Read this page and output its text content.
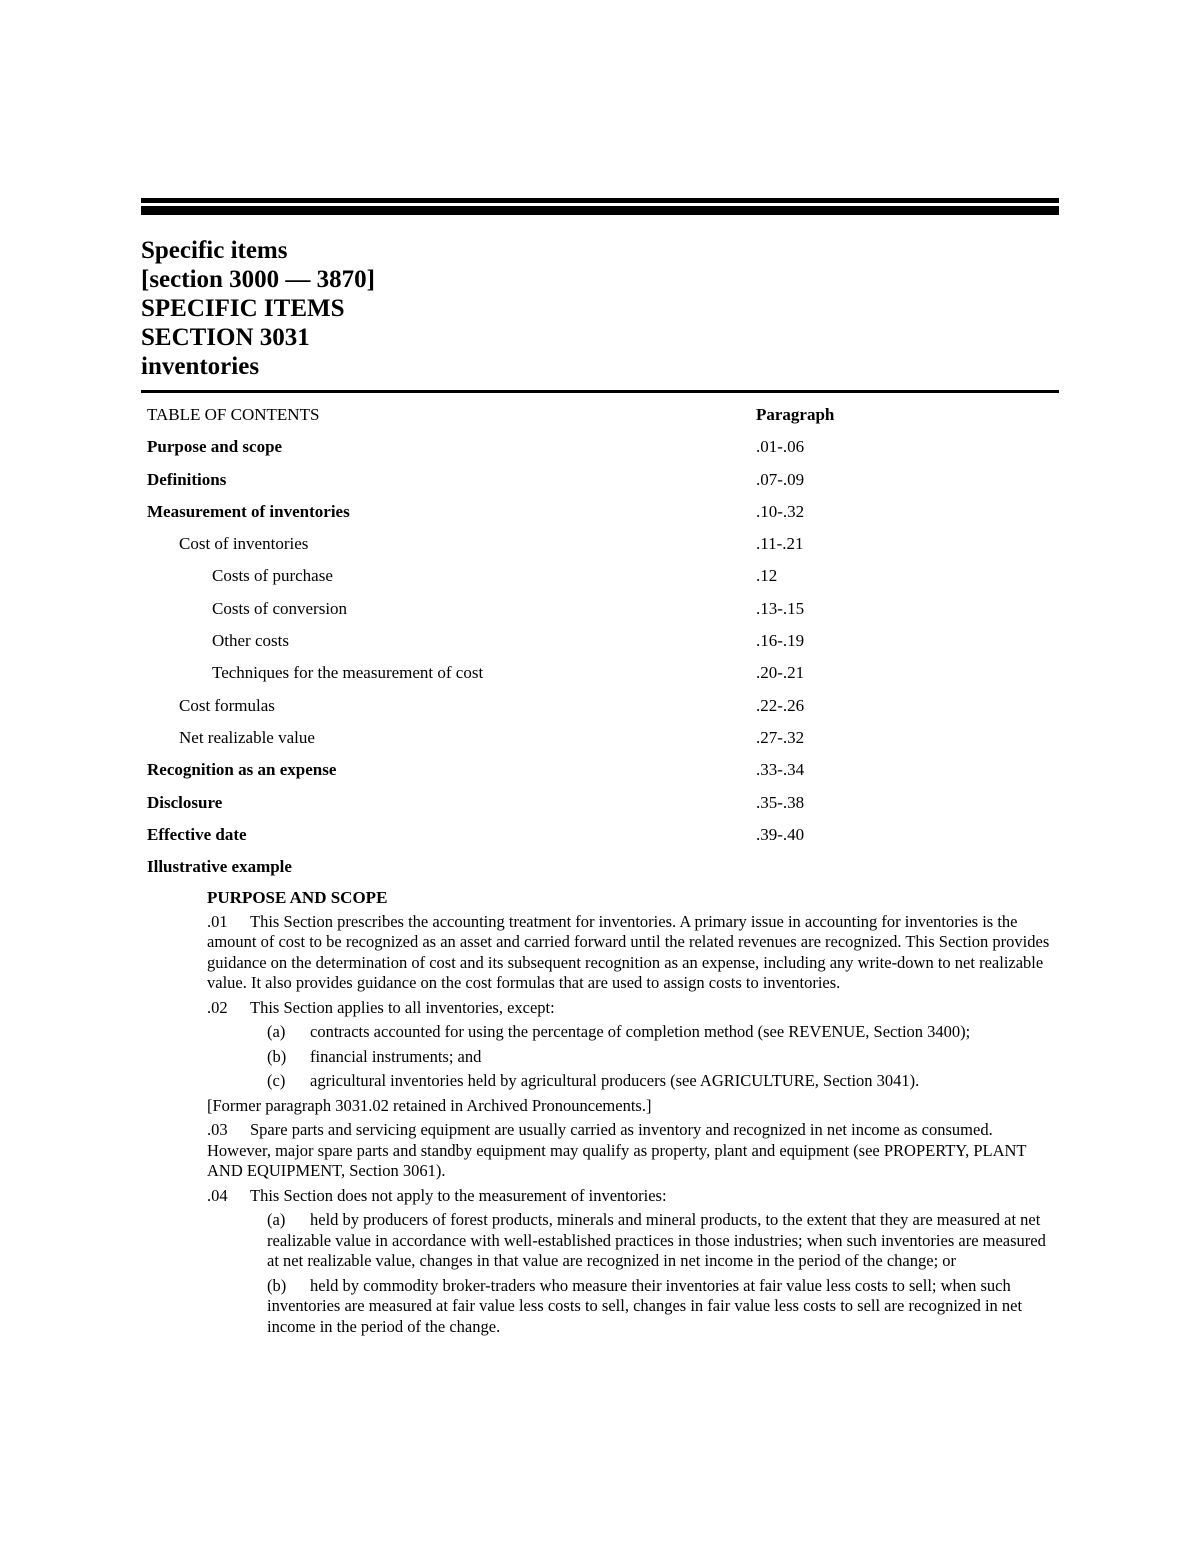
Specific items
[section 3000 — 3870]
SPECIFIC ITEMS
SECTION 3031
inventories
TABLE OF CONTENTS	Paragraph
Purpose and scope	.01-.06
Definitions	.07-.09
Measurement of inventories	.10-.32
Cost of inventories	.11-.21
Costs of purchase	.12
Costs of conversion	.13-.15
Other costs	.16-.19
Techniques for the measurement of cost	.20-.21
Cost formulas	.22-.26
Net realizable value	.27-.32
Recognition as an expense	.33-.34
Disclosure	.35-.38
Effective date	.39-.40
Illustrative example
PURPOSE AND SCOPE
.01 This Section prescribes the accounting treatment for inventories. A primary issue in accounting for inventories is the amount of cost to be recognized as an asset and carried forward until the related revenues are recognized. This Section provides guidance on the determination of cost and its subsequent recognition as an expense, including any write-down to net realizable value. It also provides guidance on the cost formulas that are used to assign costs to inventories.
.02 This Section applies to all inventories, except:
(a) contracts accounted for using the percentage of completion method (see REVENUE, Section 3400);
(b) financial instruments; and
(c) agricultural inventories held by agricultural producers (see AGRICULTURE, Section 3041).
[Former paragraph 3031.02 retained in Archived Pronouncements.]
.03 Spare parts and servicing equipment are usually carried as inventory and recognized in net income as consumed. However, major spare parts and standby equipment may qualify as property, plant and equipment (see PROPERTY, PLANT AND EQUIPMENT, Section 3061).
.04 This Section does not apply to the measurement of inventories:
(a) held by producers of forest products, minerals and mineral products, to the extent that they are measured at net realizable value in accordance with well-established practices in those industries; when such inventories are measured at net realizable value, changes in that value are recognized in net income in the period of the change; or
(b) held by commodity broker-traders who measure their inventories at fair value less costs to sell; when such inventories are measured at fair value less costs to sell, changes in fair value less costs to sell are recognized in net income in the period of the change.
